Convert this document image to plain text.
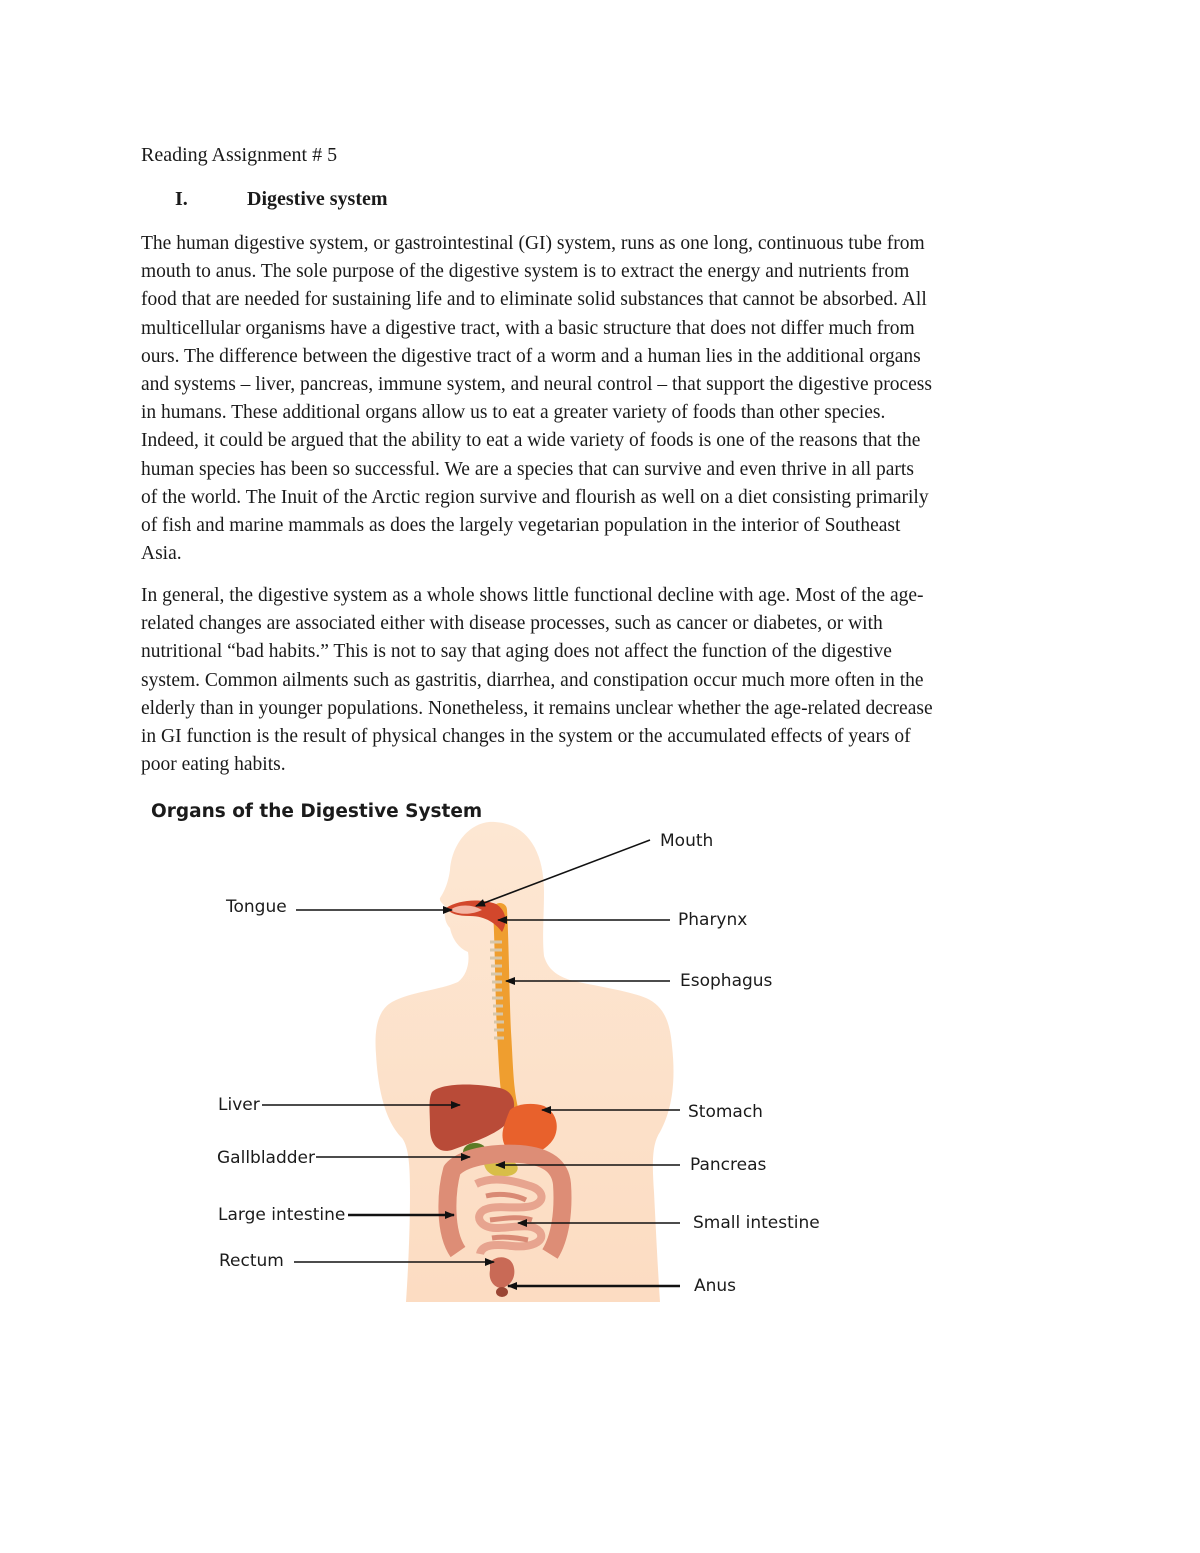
Reading Assignment # 5
I.	Digestive system

The human digestive system, or gastrointestinal (GI) system, runs as one long, continuous tube from
mouth to anus. The sole purpose of the digestive system is to extract the energy and nutrients from
food that are needed for sustaining life and to eliminate solid substances that cannot be absorbed. All
multicellular organisms have a digestive tract, with a basic structure that does not differ much from
ours. The difference between the digestive tract of a worm and a human lies in the additional organs
and systems – liver, pancreas, immune system, and neural control – that support the digestive process
in humans. These additional organs allow us to eat a greater variety of foods than other species.
Indeed, it could be argued that the ability to eat a wide variety of foods is one of the reasons that the
human species has been so successful. We are a species that can survive and even thrive in all parts
of the world. The Inuit of the Arctic region survive and flourish as well on a diet consisting primarily
of fish and marine mammals as does the largely vegetarian population in the interior of Southeast
Asia.

In general, the digestive system as a whole shows little functional decline with age. Most of the age-
related changes are associated either with disease processes, such as cancer or diabetes, or with
nutritional “bad habits.” This is not to say that aging does not affect the function of the digestive
system. Common ailments such as gastritis, diarrhea, and constipation occur much more often in the
elderly than in younger populations. Nonetheless, it remains unclear whether the age-related decrease
in GI function is the result of physical changes in the system or the accumulated effects of years of
poor eating habits.

Organs of the Digestive System
Mouth
Tongue
Pharynx
Esophagus
Liver	Stomach
Gallbladder	Pancreas
Large intestine	Small intestine
Rectum
Anus
